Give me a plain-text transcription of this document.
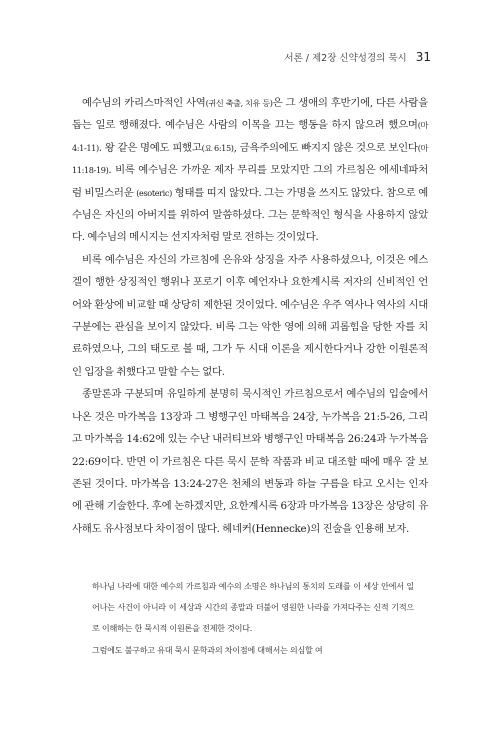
서론 / 제2장 신약성경의 묵시 31

예수님의 카리스마적인 사역(귀신 축출, 치유 등)은 그 생애의 후반기에, 다른 사람을 돕는 일로 행해졌다. 예수님은 사람의 이목을 끄는 행동을 하지 않으려 했으며(마 4:1-11). 왕 같은 명예도 피했고(요 6:15), 금욕주의에도 빠지지 않은 것으로 보인다(마 11:18-19). 비록 예수님은 가까운 제자 무리를 모았지만 그의 가르침은 에세네파처럼 비밀스러운 (esoteric) 형태를 띠지 않았다. 그는 가명을 쓰지도 않았다. 참으로 예수님은 자신의 아버지를 위하여 말씀하셨다. 그는 문학적인 형식을 사용하지 않았다. 예수님의 메시지는 선지자처럼 말로 전하는 것이었다.

비록 예수님은 자신의 가르침에 은유와 상징을 자주 사용하셨으나, 이것은 에스겔이 행한 상징적인 행위나 포로기 이후 예언자나 요한계시록 저자의 신비적인 언어와 환상에 비교할 때 상당히 제한된 것이었다. 예수님은 우주 역사나 역사의 시대 구분에는 관심을 보이지 않았다. 비록 그는 악한 영에 의해 괴롭힘을 당한 자를 치료하였으나, 그의 태도로 볼 때, 그가 두 시대 이론을 제시한다거나 강한 이원론적인 입장을 취했다고 말할 수는 없다.

종말론과 구분되며 유일하게 분명히 묵시적인 가르침으로서 예수님의 입술에서 나온 것은 마가복음 13장과 그 병행구인 마태복음 24장, 누가복음 21:5-26, 그리고 마가복음 14:62에 있는 수난 내러티브와 병행구인 마태복음 26:24과 누가복음 22:69이다. 반면 이 가르침은 다른 묵시 문학 작품과 비교 대조할 때에 매우 잘 보존된 것이다. 마가복음 13:24-27은 천체의 변동과 하늘 구름을 타고 오시는 인자에 관해 기술한다. 후에 논하겠지만, 요한계시록 6장과 마가복음 13장은 상당히 유사해도 유사점보다 차이점이 많다. 헤네커(Hennecke)의 진술을 인용해 보자.

하나님 나라에 대한 예수의 가르침과 예수의 소명은 하나님의 통치의 도래를 이 세상 안에서 일어나는 사건이 아니라 이 세상과 시간의 종말과 더불어 영원한 나라를 가져다주는 신적 기적으로 이해하는 한 묵시적 이원론을 전제한 것이다.

그럼에도 불구하고 유대 묵시 문학과의 차이점에 대해서는 의심할 여
